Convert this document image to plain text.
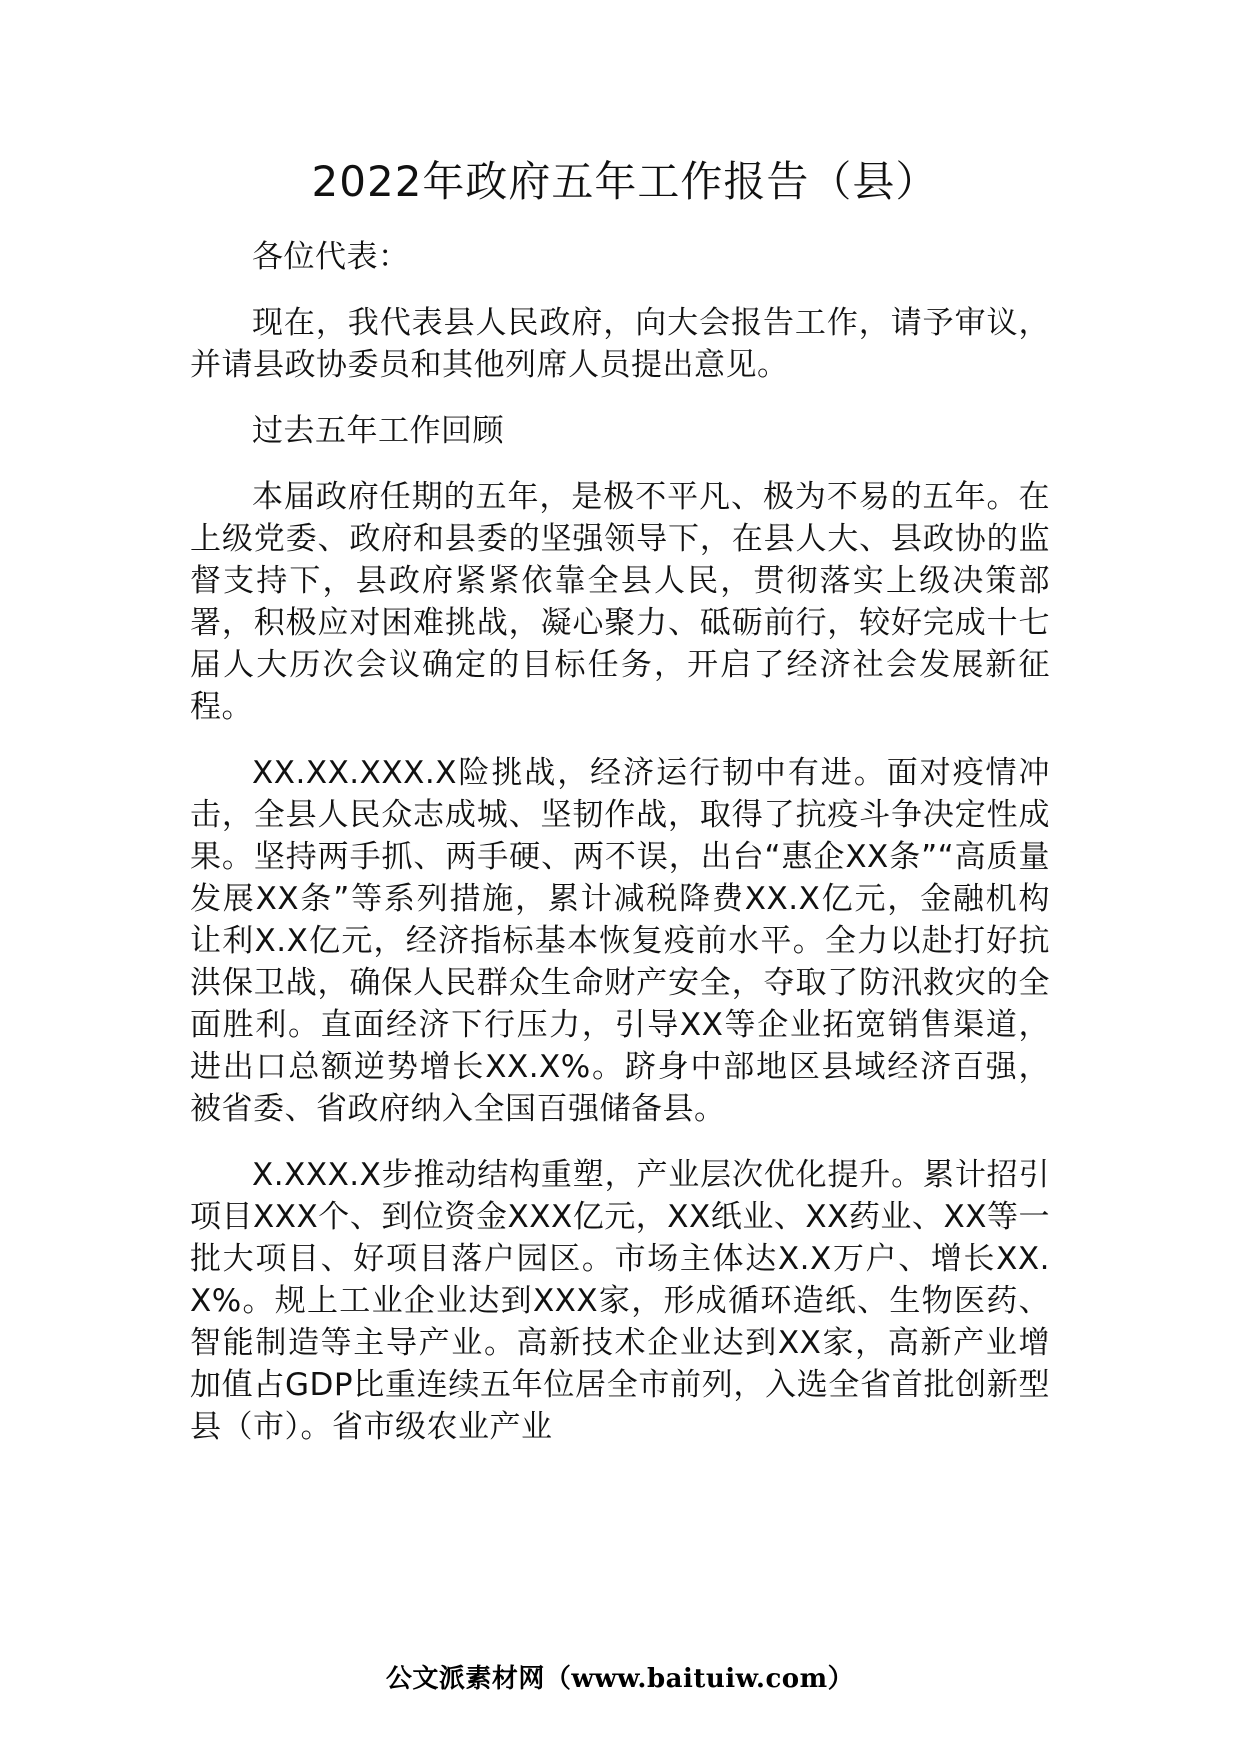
2022年政府五年工作报告（县）

各位代表：

现在，我代表县人民政府，向大会报告工作，请予审议，并请县政协委员和其他列席人员提出意见。

过去五年工作回顾

本届政府任期的五年，是极不平凡、极为不易的五年。在上级党委、政府和县委的坚强领导下，在县人大、县政协的监督支持下，县政府紧紧依靠全县人民，贯彻落实上级决策部署，积极应对困难挑战，凝心聚力、砥砺前行，较好完成十七届人大历次会议确定的目标任务，开启了经济社会发展新征程。

XX.XX.XXX.X险挑战，经济运行韧中有进。面对疫情冲击，全县人民众志成城、坚韧作战，取得了抗疫斗争决定性成果。坚持两手抓、两手硬、两不误，出台“惠企XX条”“高质量发展XX条”等系列措施，累计减税降费XX.X亿元，金融机构让利X.X亿元，经济指标基本恢复疫前水平。全力以赴打好抗洪保卫战，确保人民群众生命财产安全，夺取了防汛救灾的全面胜利。直面经济下行压力，引导XX等企业拓宽销售渠道，进出口总额逆势增长XX.X%。跻身中部地区县域经济百强，被省委、省政府纳入全国百强储备县。

X.XXX.X步推动结构重塑，产业层次优化提升。累计招引项目XXX个、到位资金XXX亿元，XX纸业、XX药业、XX等一批大项目、好项目落户园区。市场主体达X.X万户、增长XX.X%。规上工业企业达到XXX家，形成循环造纸、生物医药、智能制造等主导产业。高新技术企业达到XX家，高新产业增加值占GDP比重连续五年位居全市前列，入选全省首批创新型县（市）。省市级农业产业

公文派素材网（www.baituiw.com）
